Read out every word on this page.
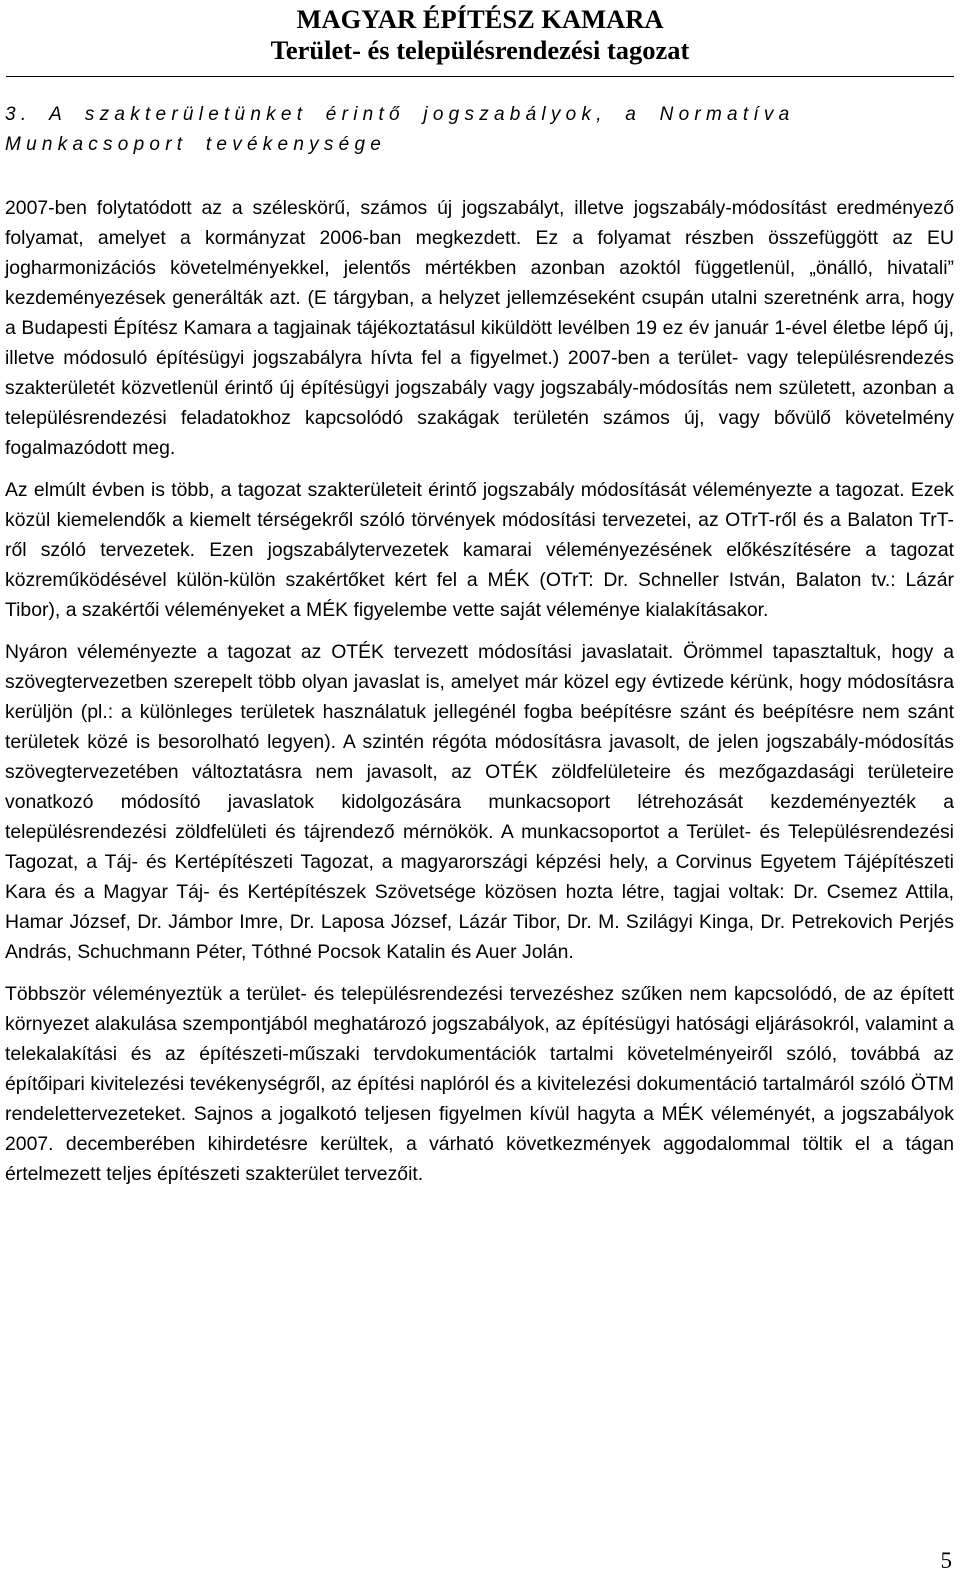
MAGYAR ÉPÍTÉSZ KAMARA
Terület- és településrendezési tagozat
3. A szakterületünket érintő jogszabályok, a Normatíva
Munkacsoport tevékenysége

2007-ben folytatódott az a széleskörű, számos új jogszabályt, illetve jogszabály-módosítást eredményező folyamat, amelyet a kormányzat 2006-ban megkezdett. Ez a folyamat részben összefüggött az EU jogharmonizációs követelményekkel, jelentős mértékben azonban azoktól függetlenül, „önálló, hivatali” kezdeményezések generálták azt. (E tárgyban, a helyzet jellemzéseként csupán utalni szeretnénk arra, hogy a Budapesti Építész Kamara a tagjainak tájékoztatásul kiküldött levélben 19 ez év január 1-ével életbe lépő új, illetve módosuló építésügyi jogszabályra hívta fel a figyelmet.) 2007-ben a terület- vagy településrendezés szakterületét közvetlenül érintő új építésügyi jogszabály vagy jogszabály-módosítás nem született, azonban a településrendezési feladatokhoz kapcsolódó szakágak területén számos új, vagy bővülő követelmény fogalmazódott meg.

Az elmúlt évben is több, a tagozat szakterületeit érintő jogszabály módosítását véleményezte a tagozat. Ezek közül kiemelendők a kiemelt térségekről szóló törvények módosítási tervezetei, az OTrT-ről és a Balaton TrT-ről szóló tervezetek. Ezen jogszabálytervezetek kamarai véleményezésének előkészítésére a tagozat közreműködésével külön-külön szakértőket kért fel a MÉK (OTrT: Dr. Schneller István, Balaton tv.: Lázár Tibor), a szakértői véleményeket a MÉK figyelembe vette saját véleménye kialakításakor.

Nyáron véleményezte a tagozat az OTÉK tervezett módosítási javaslatait. Örömmel tapasztaltuk, hogy a szövegtervezetben szerepelt több olyan javaslat is, amelyet már közel egy évtizede kérünk, hogy módosításra kerüljön (pl.: a különleges területek használatuk jellegénél fogba beépítésre szánt és beépítésre nem szánt területek közé is besorolható legyen). A szintén régóta módosításra javasolt, de jelen jogszabály-módosítás szövegtervezetében változtatásra nem javasolt, az OTÉK zöldfelületeire és mezőgazdasági területeire vonatkozó módosító javaslatok kidolgozására munkacsoport létrehozását kezdeményezték a településrendezési zöldfelületi és tájrendező mérnökök. A munkacsoportot a Terület- és Településrendezési Tagozat, a Táj- és Kertépítészeti Tagozat, a magyarországi képzési hely, a Corvinus Egyetem Tájépítészeti Kara és a Magyar Táj- és Kertépítészek Szövetsége közösen hozta létre, tagjai voltak: Dr. Csemez Attila, Hamar József, Dr. Jámbor Imre, Dr. Laposa József, Lázár Tibor, Dr. M. Szilágyi Kinga, Dr. Petrekovich Perjés András, Schuchmann Péter, Tóthné Pocsok Katalin és Auer Jolán.

Többször véleményeztük a terület- és településrendezési tervezéshez szűken nem kapcsolódó, de az épített környezet alakulása szempontjából meghatározó jogszabályok, az építésügyi hatósági eljárásokról, valamint a telekalakítási és az építészeti-műszaki tervdokumentációk tartalmi követelményeiről szóló, továbbá az építőipari kivitelezési tevékenységről, az építési naplóról és a kivitelezési dokumentáció tartalmáról szóló ÖTM rendelettervezeteket. Sajnos a jogalkotó teljesen figyelmen kívül hagyta a MÉK véleményét, a jogszabályok 2007. decemberében kihirdetésre kerültek, a várható következmények aggodalommal töltik el a tágan értelmezett teljes építészeti szakterület tervezőit.

5
